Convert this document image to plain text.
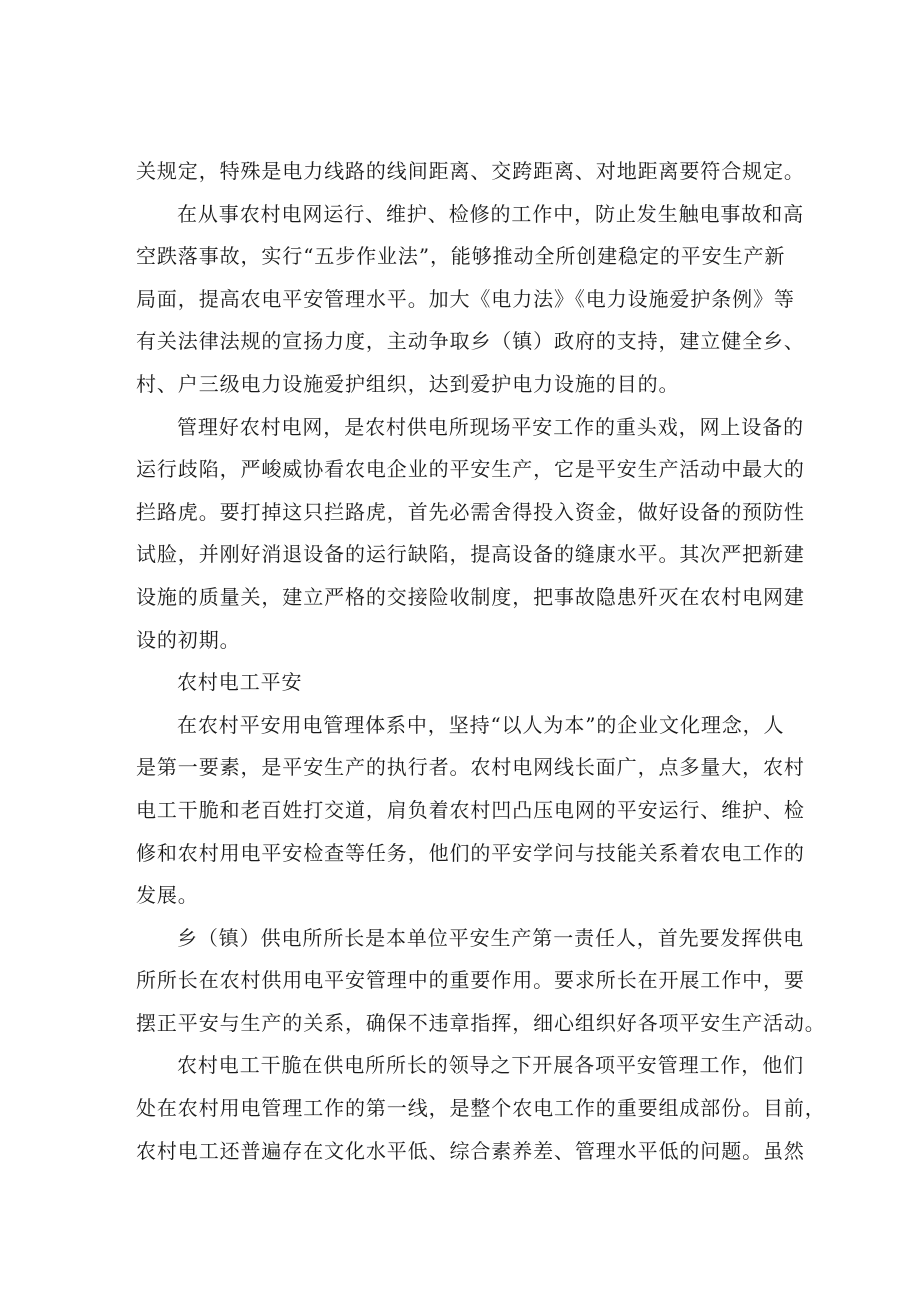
关规定，特殊是电力线路的线间距离、交跨距离、对地距离要符合规定。
在从事农村电网运行、维护、检修的工作中，防止发生触电事故和高
空跌落事故，实行“五步作业法”，能够推动全所创建稳定的平安生产新
局面，提高农电平安管理水平。加大《电力法》《电力设施爱护条例》等
有关法律法规的宣扬力度，主动争取乡（镇）政府的支持，建立健全乡、
村、户三级电力设施爱护组织，达到爱护电力设施的目的。
管理好农村电网，是农村供电所现场平安工作的重头戏，网上设备的
运行歧陷，严峻威协看农电企业的平安生产，它是平安生产活动中最大的
拦路虎。要打掉这只拦路虎，首先必需舍得投入资金，做好设备的预防性
试脸，并刚好消退设备的运行缺陷，提高设备的缝康水平。其次严把新建
设施的质量关，建立严格的交接险收制度，把事故隐患歼灭在农村电网建
设的初期。
农村电工平安
在农村平安用电管理体系中，坚持“以人为本”的企业文化理念，人
是第一要素，是平安生产的执行者。农村电网线长面广，点多量大，农村
电工干脆和老百姓打交道，肩负着农村凹凸压电网的平安运行、维护、检
修和农村用电平安检查等任务，他们的平安学问与技能关系着农电工作的
发展。
乡（镇）供电所所长是本单位平安生产第一责任人，首先要发挥供电
所所长在农村供用电平安管理中的重要作用。要求所长在开展工作中，要
摆正平安与生产的关系，确保不违章指挥，细心组织好各项平安生产活动。
农村电工干脆在供电所所长的领导之下开展各项平安管理工作，他们
处在农村用电管理工作的第一线，是整个农电工作的重要组成部份。目前，
农村电工还普遍存在文化水平低、综合素养差、管理水平低的问题。虽然
